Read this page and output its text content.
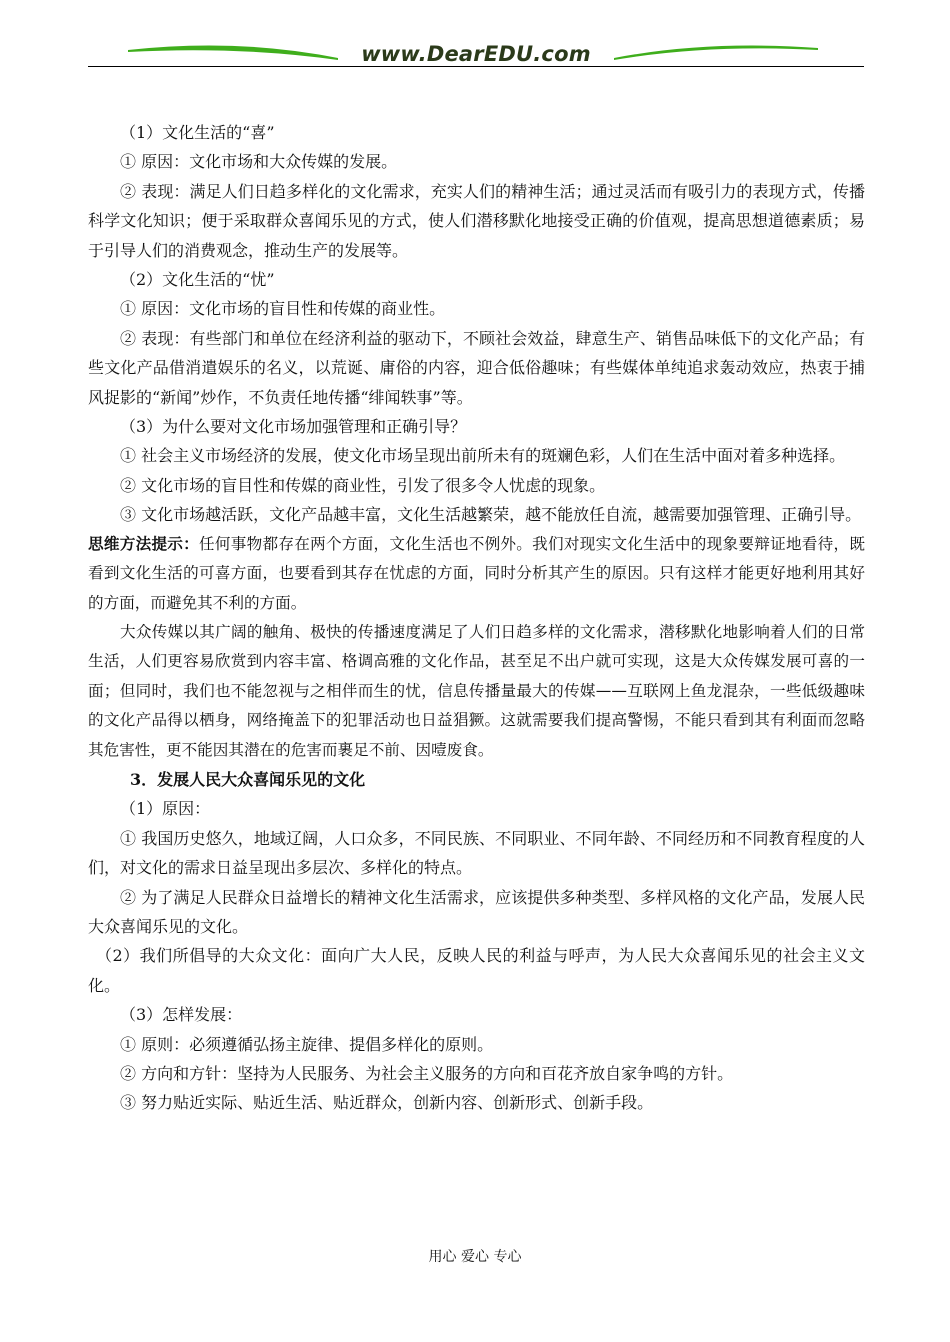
www.DearEDU.com

（1）文化生活的“喜”

① 原因：文化市场和大众传媒的发展。

② 表现：满足人们日趋多样化的文化需求，充实人们的精神生活；通过灵活而有吸引力的表现方式，传播科学文化知识；便于采取群众喜闻乐见的方式，使人们潜移默化地接受正确的价值观，提高思想道德素质；易于引导人们的消费观念，推动生产的发展等。

（2）文化生活的“忧”

① 原因：文化市场的盲目性和传媒的商业性。

② 表现：有些部门和单位在经济利益的驱动下，不顾社会效益，肆意生产、销售品味低下的文化产品；有些文化产品借消遣娱乐的名义，以荒诞、庸俗的内容，迎合低俗趣味；有些媒体单纯追求轰动效应，热衷于捕风捉影的“新闻”炒作，不负责任地传播“绯闻轶事”等。

（3）为什么要对文化市场加强管理和正确引导？

① 社会主义市场经济的发展，使文化市场呈现出前所未有的斑斓色彩，人们在生活中面对着多种选择。

② 文化市场的盲目性和传媒的商业性，引发了很多令人忧虑的现象。

③ 文化市场越活跃，文化产品越丰富，文化生活越繁荣，越不能放任自流，越需要加强管理、正确引导。

思维方法提示：任何事物都存在两个方面，文化生活也不例外。我们对现实文化生活中的现象要辩证地看待，既看到文化生活的可喜方面，也要看到其存在忧虑的方面，同时分析其产生的原因。只有这样才能更好地利用其好的方面，而避免其不利的方面。

大众传媒以其广阔的触角、极快的传播速度满足了人们日趋多样的文化需求，潜移默化地影响着人们的日常生活，人们更容易欣赏到内容丰富、格调高雅的文化作品，甚至足不出户就可实现，这是大众传媒发展可喜的一面；但同时，我们也不能忽视与之相伴而生的忧，信息传播量最大的传媒——互联网上鱼龙混杂，一些低级趣味的文化产品得以栖身，网络掩盖下的犯罪活动也日益猖獗。这就需要我们提高警惕，不能只看到其有利面而忽略其危害性，更不能因其潜在的危害而裹足不前、因噎废食。

3．发展人民大众喜闻乐见的文化

（1）原因：

① 我国历史悠久，地域辽阔，人口众多，不同民族、不同职业、不同年龄、不同经历和不同教育程度的人们，对文化的需求日益呈现出多层次、多样化的特点。

② 为了满足人民群众日益增长的精神文化生活需求，应该提供多种类型、多样风格的文化产品，发展人民大众喜闻乐见的文化。

（2）我们所倡导的大众文化：面向广大人民，反映人民的利益与呼声，为人民大众喜闻乐见的社会主义文化。

（3）怎样发展：

① 原则：必须遵循弘扬主旋律、提倡多样化的原则。

② 方向和方针：坚持为人民服务、为社会主义服务的方向和百花齐放自家争鸣的方针。

③ 努力贴近实际、贴近生活、贴近群众，创新内容、创新形式、创新手段。

用心 爱心 专心
